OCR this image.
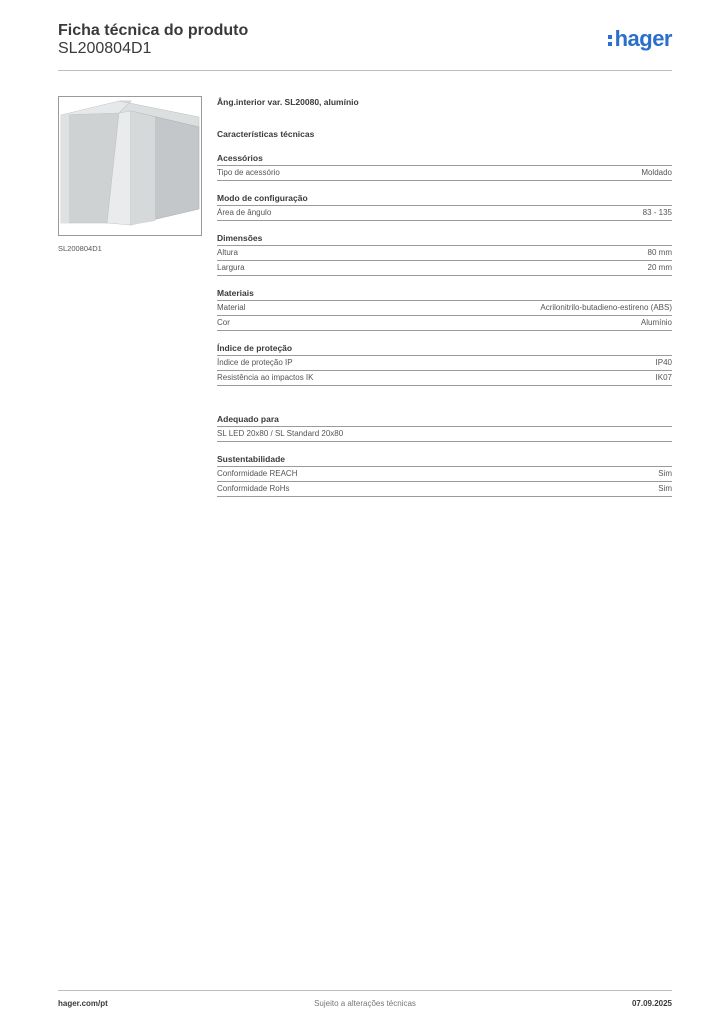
Ficha técnica do produto
SL200804D1	hager
SL200804D1
Âng.interior var. SL20080, alumínio
Características técnicas
Acessórios
Tipo de acessório	Moldado
Modo de configuração
Área de ângulo	83 - 135
Dimensões
Altura	80 mm
Largura	20 mm
Materiais
Material	Acrilonitrilo-butadieno-estireno (ABS)
Cor	Alumínio
Índice de proteção
Índice de proteção IP	IP40
Resistência ao impactos IK	IK07
Adequado para
SL LED 20x80 / SL Standard 20x80
Sustentabilidade
Conformidade REACH	Sim
Conformidade RoHs	Sim
hager.com/pt	Sujeito a alterações técnicas	07.09.2025
